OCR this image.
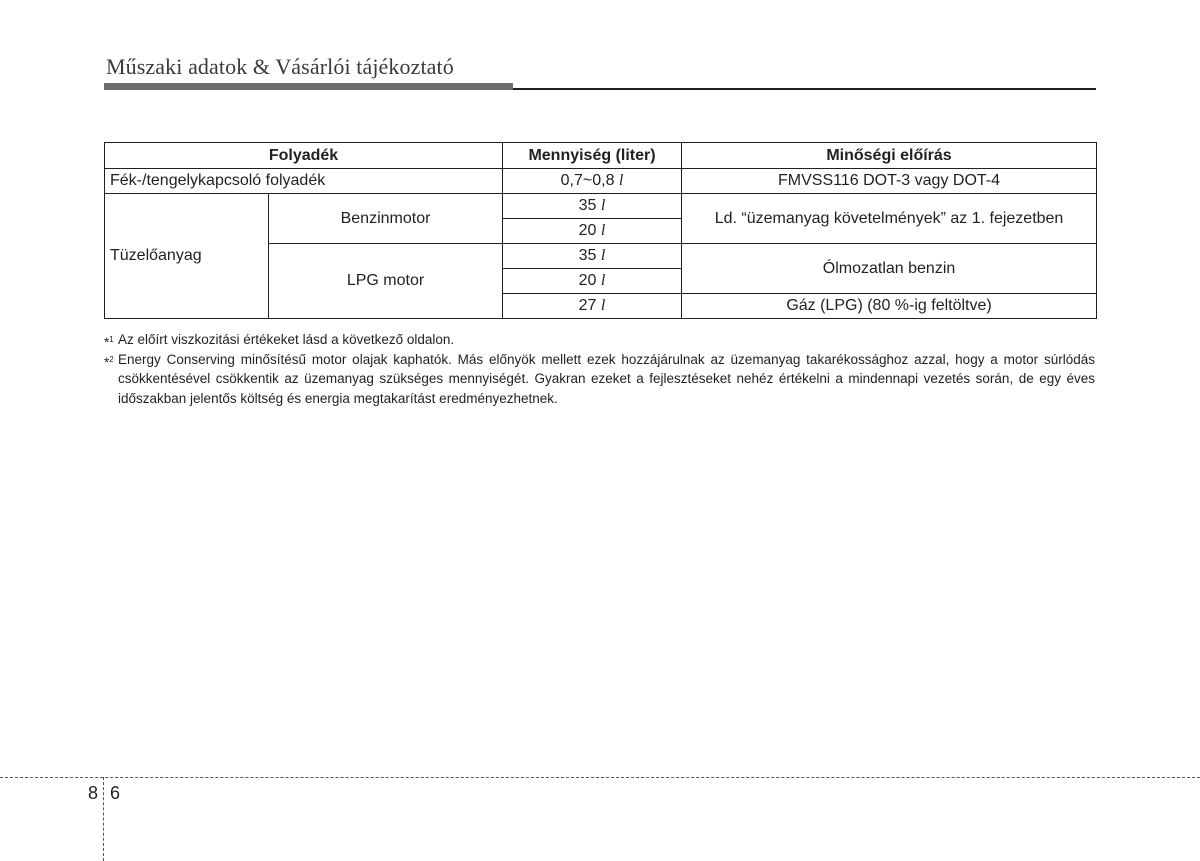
Műszaki adatok & Vásárlói tájékoztató
Folyadék		Mennyiség (liter)	Minőségi előírás
Fék-/tengelykapcsoló folyadék		0,7~0,8 l	FMVSS116 DOT-3 vagy DOT-4
Tüzelőanyag	Benzinmotor	35 l	Ld. “üzemanyag követelmények” az 1. fejezetben
		20 l	
	LPG motor	35 l	Ólmozatlan benzin
		20 l	
		27 l	Gáz (LPG) (80 %-ig feltöltve)
*$^1$ Az előírt viszkozitási értékeket lásd a következő oldalon.
*$^2$ Energy Conserving minősítésű motor olajak kaphatók. Más előnyök mellett ezek hozzájárulnak az üzemanyag takarékossághoz azzal, hogy a motor súrlódás csökkentésével csökkentik az üzemanyag szükséges mennyiségét. Gyakran ezeket a fejlesztéseket nehéz értékelni a mindennapi vezetés során, de egy éves időszakban jelentős költség és energia megtakarítást eredményezhetnek.
8 6
